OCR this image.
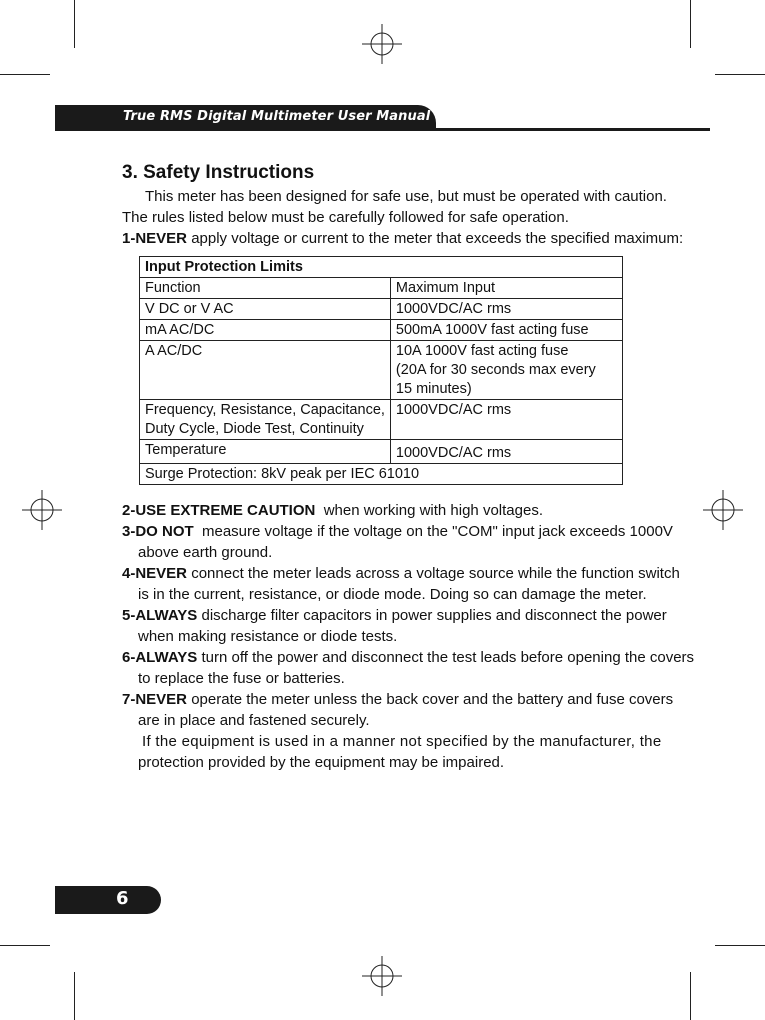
True RMS Digital Multimeter User Manual

3. Safety Instructions

This meter has been designed for safe use, but must be operated with caution.

The rules listed below must be carefully followed for safe operation.

1-NEVER apply voltage or current to the meter that exceeds the specified maximum:

Input Protection Limits	
Function	Maximum Input
V DC or V AC	1000VDC/AC rms
mA AC/DC	500mA 1000V fast acting fuse
A AC/DC	10A 1000V fast acting fuse
(20A for 30 seconds max every
15 minutes)

Frequency, Resistance, Capacitance,
Duty Cycle, Diode Test, Continuity	1000VDC/AC rms
Temperature	1000VDC/AC rms
Surge Protection: 8kV peak per IEC 61010	

2-USE EXTREME CAUTION  when working with high voltages.

3-DO NOT  measure voltage if the voltage on the "COM" input jack exceeds 1000V
above earth ground.

4-NEVER connect the meter leads across a voltage source while the function switch
is in the current, resistance, or diode mode. Doing so can damage the meter.

5-ALWAYS discharge filter capacitors in power supplies and disconnect the power
when making resistance or diode tests.

6-ALWAYS turn off the power and disconnect the test leads before opening the covers
to replace the fuse or batteries.

7-NEVER operate the meter unless the back cover and the battery and fuse covers
are in place and fastened securely.
If the equipment is used in a manner not specified by the manufacturer, the
protection provided by the equipment may be impaired.

6
